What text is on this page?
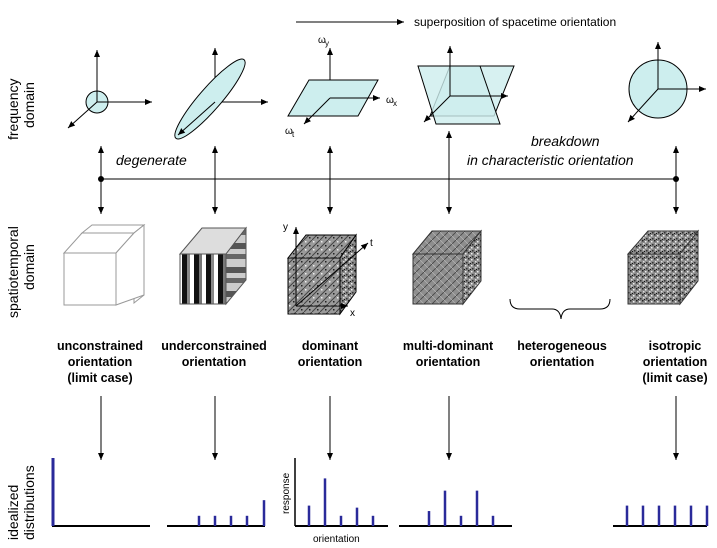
frequency domain
spatiotemporal domain
idealized distributions
superposition of spacetime orientation
ω y
ω x
ω t
degenerate
breakdown
in characteristic orientation
y
t
x
unconstrained
orientation
(limit case)
underconstrained
orientation
dominant
orientation
multi-dominant
orientation
heterogeneous
orientation
isotropic
orientation
(limit case)
response
orientation
